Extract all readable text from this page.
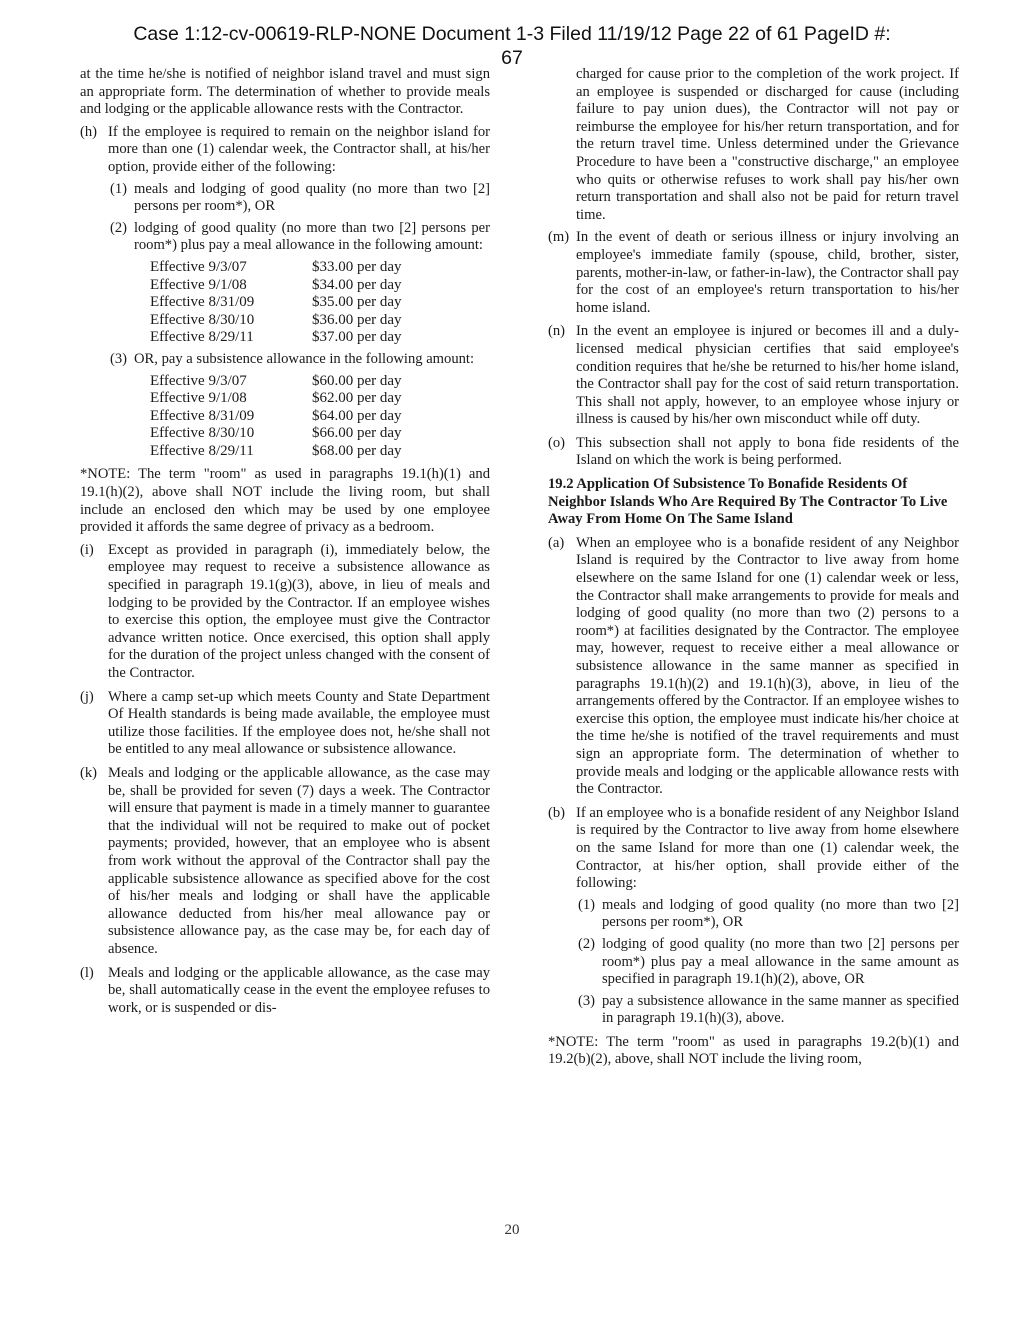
Case 1:12-cv-00619-RLP-NONE Document 1-3 Filed 11/19/12 Page 22 of 61 PageID #:
67

at the time he/she is notified of neighbor island travel and must sign an appropriate form. The determination of whether to provide meals and lodging or the applicable allowance rests with the Contractor.

(h) If the employee is required to remain on the neighbor island for more than one (1) calendar week, the Contractor shall, at his/her option, provide either of the following:
(1) meals and lodging of good quality (no more than two [2] persons per room*), OR
(2) lodging of good quality (no more than two [2] persons per room*) plus pay a meal allowance in the following amount:
Effective 9/3/07	$33.00 per day
Effective 9/1/08	$34.00 per day
Effective 8/31/09	$35.00 per day
Effective 8/30/10	$36.00 per day
Effective 8/29/11	$37.00 per day
(3) OR, pay a subsistence allowance in the following amount:
Effective 9/3/07	$60.00 per day
Effective 9/1/08	$62.00 per day
Effective 8/31/09	$64.00 per day
Effective 8/30/10	$66.00 per day
Effective 8/29/11	$68.00 per day

*NOTE: The term "room" as used in paragraphs 19.1(h)(1) and 19.1(h)(2), above shall NOT include the living room, but shall include an enclosed den which may be used by one employee provided it affords the same degree of privacy as a bedroom.

(i) Except as provided in paragraph (i), immediately below, the employee may request to receive a subsistence allowance as specified in paragraph 19.1(g)(3), above, in lieu of meals and lodging to be provided by the Contractor. If an employee wishes to exercise this option, the employee must give the Contractor advance written notice. Once exercised, this option shall apply for the duration of the project unless changed with the consent of the Contractor.
(j) Where a camp set-up which meets County and State Department Of Health standards is being made available, the employee must utilize those facilities. If the employee does not, he/she shall not be entitled to any meal allowance or subsistence allowance.
(k) Meals and lodging or the applicable allowance, as the case may be, shall be provided for seven (7) days a week. The Contractor will ensure that payment is made in a timely manner to guarantee that the individual will not be required to make out of pocket payments; provided, however, that an employee who is absent from work without the approval of the Contractor shall pay the applicable subsistence allowance as specified above for the cost of his/her meals and lodging or shall have the applicable allowance deducted from his/her meal allowance pay or subsistence allowance pay, as the case may be, for each day of absence.
(l) Meals and lodging or the applicable allowance, as the case may be, shall automatically cease in the event the employee refuses to work, or is suspended or dis-

charged for cause prior to the completion of the work project. If an employee is suspended or discharged for cause (including failure to pay union dues), the Contractor will not pay or reimburse the employee for his/her return transportation, and for the return travel time. Unless determined under the Grievance Procedure to have been a "constructive discharge," an employee who quits or otherwise refuses to work shall pay his/her own return transportation and shall also not be paid for return travel time.

(m) In the event of death or serious illness or injury involving an employee's immediate family (spouse, child, brother, sister, parents, mother-in-law, or father-in-law), the Contractor shall pay for the cost of an employee's return transportation to his/her home island.
(n) In the event an employee is injured or becomes ill and a duly-licensed medical physician certifies that said employee's condition requires that he/she be returned to his/her home island, the Contractor shall pay for the cost of said return transportation. This shall not apply, however, to an employee whose injury or illness is caused by his/her own misconduct while off duty.
(o) This subsection shall not apply to bona fide residents of the Island on which the work is being performed.
19.2 Application Of Subsistence To Bonafide Residents Of Neighbor Islands Who Are Required By The Contractor To Live Away From Home On The Same Island
(a) When an employee who is a bonafide resident of any Neighbor Island is required by the Contractor to live away from home elsewhere on the same Island for one (1) calendar week or less, the Contractor shall make arrangements to provide for meals and lodging of good quality (no more than two (2) persons to a room*) at facilities designated by the Contractor. The employee may, however, request to receive either a meal allowance or subsistence allowance in the same manner as specified in paragraphs 19.1(h)(2) and 19.1(h)(3), above, in lieu of the arrangements offered by the Contractor. If an employee wishes to exercise this option, the employee must indicate his/her choice at the time he/she is notified of the travel requirements and must sign an appropriate form. The determination of whether to provide meals and lodging or the applicable allowance rests with the Contractor.
(b) If an employee who is a bonafide resident of any Neighbor Island is required by the Contractor to live away from home elsewhere on the same Island for more than one (1) calendar week, the Contractor, at his/her option, shall provide either of the following:
(1) meals and lodging of good quality (no more than two [2] persons per room*), OR
(2) lodging of good quality (no more than two [2] persons per room*) plus pay a meal allowance in the same amount as specified in paragraph 19.1(h)(2), above, OR
(3) pay a subsistence allowance in the same manner as specified in paragraph 19.1(h)(3), above.

*NOTE: The term "room" as used in paragraphs 19.2(b)(1) and 19.2(b)(2), above, shall NOT include the living room,

20
